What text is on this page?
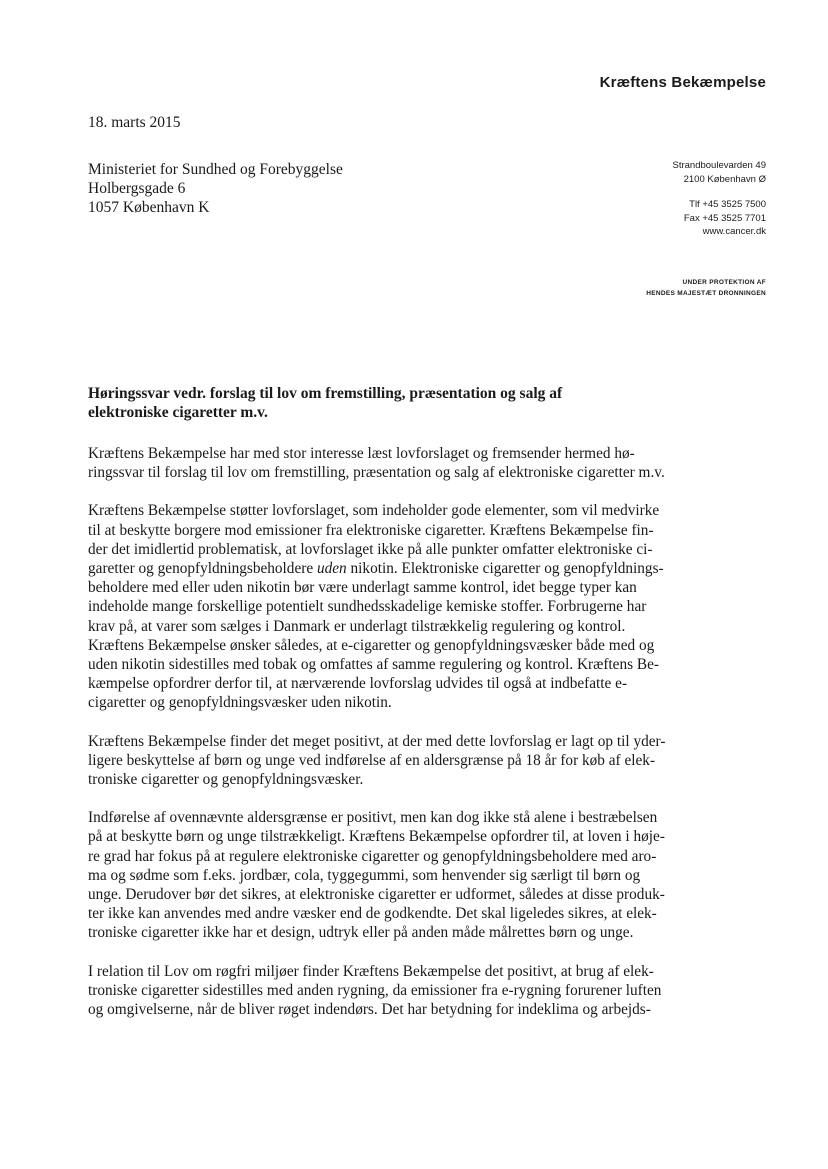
Kræftens Bekæmpelse
18. marts 2015
Ministeriet for Sundhed og Forebyggelse
Holbergsgade 6
1057 København K
Strandboulevarden 49
2100 København Ø
Tlf +45 3525 7500
Fax +45 3525 7701
www.cancer.dk
UNDER PROTEKTION AF
HENDES MAJESTÆT DRONNINGEN
Høringssvar vedr. forslag til lov om fremstilling, præsentation og salg af
elektroniske cigaretter m.v.

Kræftens Bekæmpelse har med stor interesse læst lovforslaget og fremsender hermed hø-
ringssvar til forslag til lov om fremstilling, præsentation og salg af elektroniske cigaretter m.v.

Kræftens Bekæmpelse støtter lovforslaget, som indeholder gode elementer, som vil medvirke
til at beskytte borgere mod emissioner fra elektroniske cigaretter. Kræftens Bekæmpelse fin-
der det imidlertid problematisk, at lovforslaget ikke på alle punkter omfatter elektroniske ci-
garetter og genopfyldningsbeholdere uden nikotin. Elektroniske cigaretter og genopfyldnings-
beholdere med eller uden nikotin bør være underlagt samme kontrol, idet begge typer kan
indeholde mange forskellige potentielt sundhedsskadelige kemiske stoffer. Forbrugerne har
krav på, at varer som sælges i Danmark er underlagt tilstrækkelig regulering og kontrol.
Kræftens Bekæmpelse ønsker således, at e-cigaretter og genopfyldningsvæsker både med og
uden nikotin sidestilles med tobak og omfattes af samme regulering og kontrol. Kræftens Be-
kæmpelse opfordrer derfor til, at nærværende lovforslag udvides til også at indbefatte e-
cigaretter og genopfyldningsvæsker uden nikotin.

Kræftens Bekæmpelse finder det meget positivt, at der med dette lovforslag er lagt op til yder-
ligere beskyttelse af børn og unge ved indførelse af en aldersgrænse på 18 år for køb af elek-
troniske cigaretter og genopfyldningsvæsker.

Indførelse af ovennævnte aldersgrænse er positivt, men kan dog ikke stå alene i bestræbelsen
på at beskytte børn og unge tilstrækkeligt. Kræftens Bekæmpelse opfordrer til, at loven i høje-
re grad har fokus på at regulere elektroniske cigaretter og genopfyldningsbeholdere med aro-
ma og sødme som f.eks. jordbær, cola, tyggegummi, som henvender sig særligt til børn og
unge. Derudover bør det sikres, at elektroniske cigaretter er udformet, således at disse produk-
ter ikke kan anvendes med andre væsker end de godkendte. Det skal ligeledes sikres, at elek-
troniske cigaretter ikke har et design, udtryk eller på anden måde målrettes børn og unge.

I relation til Lov om røgfri miljøer finder Kræftens Bekæmpelse det positivt, at brug af elek-
troniske cigaretter sidestilles med anden rygning, da emissioner fra e-rygning forurener luften
og omgivelserne, når de bliver røget indendørs. Det har betydning for indeklima og arbejds-
